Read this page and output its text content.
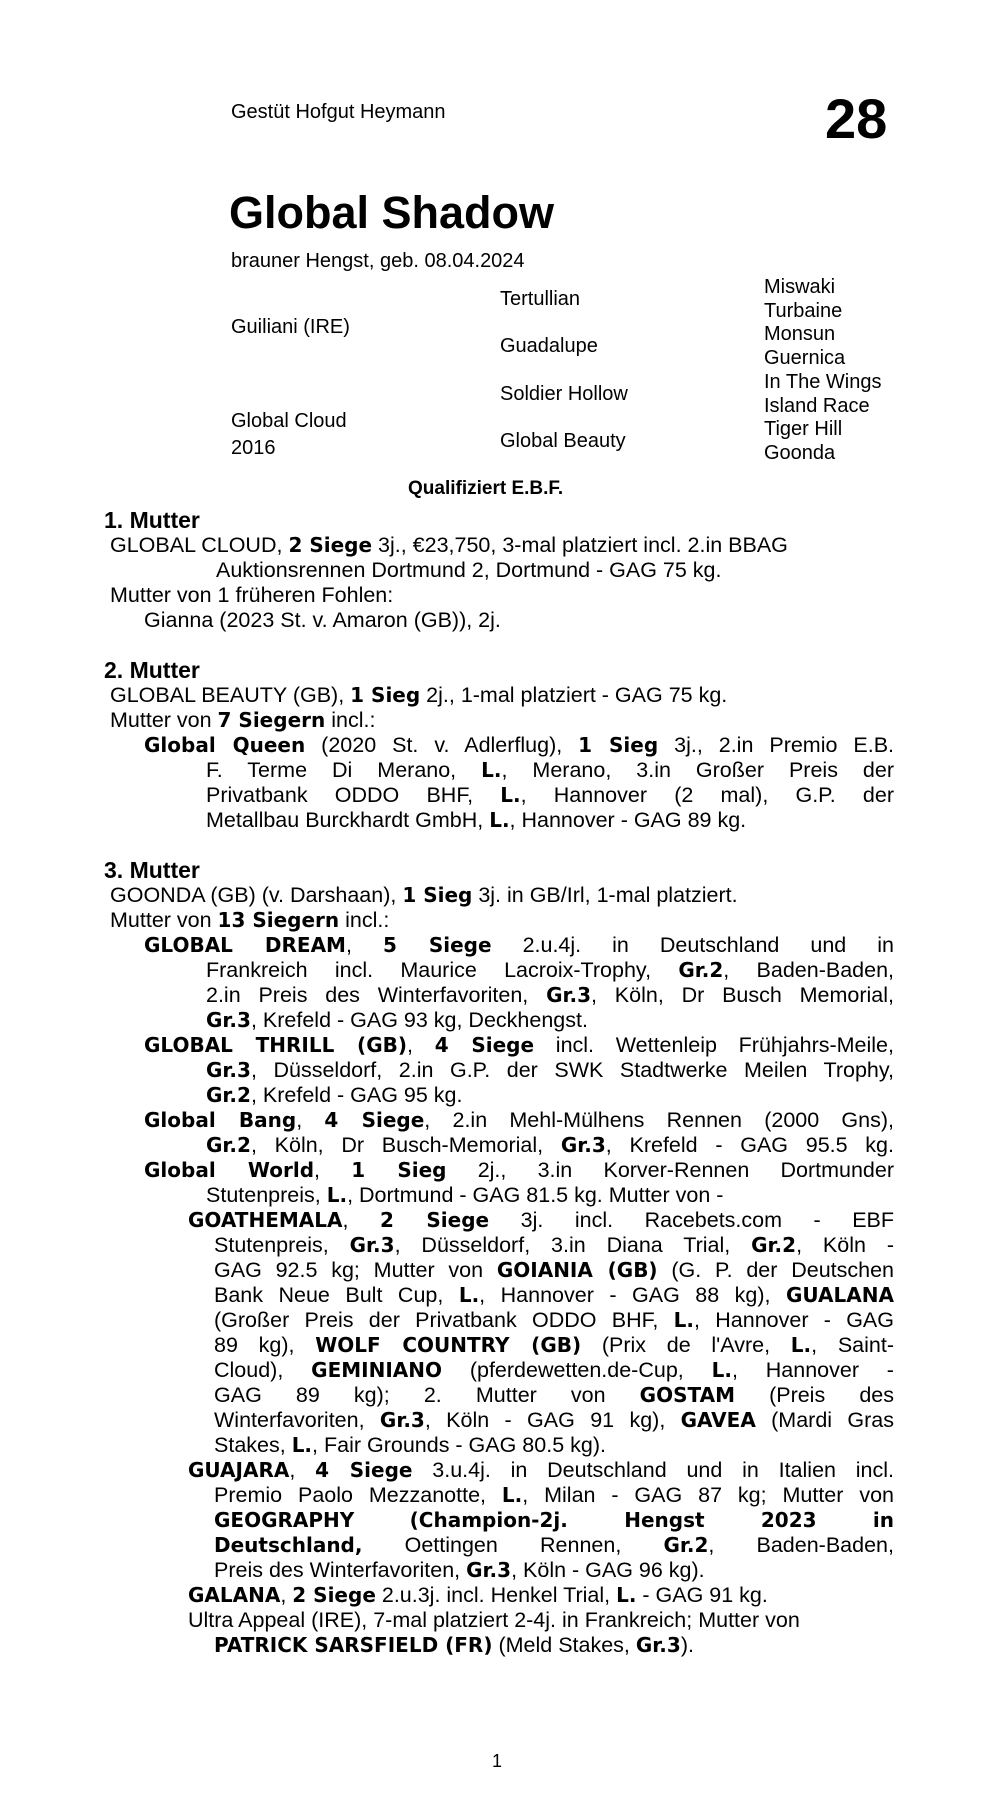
Gestüt Hofgut Heymann	28
Global Shadow
brauner Hengst, geb. 08.04.2024
Guiliani (IRE)
Global Cloud
2016
Tertullian
Guadalupe
Soldier Hollow
Global Beauty
Miswaki
Turbaine
Monsun
Guernica
In The Wings
Island Race
Tiger Hill
Goonda
Qualifiziert E.B.F.
1. Mutter
GLOBAL CLOUD, 2 Siege 3j., €23,750, 3-mal platziert incl. 2.in BBAG
Auktionsrennen Dortmund 2, Dortmund - GAG 75 kg.
Mutter von 1 früheren Fohlen:
Gianna (2023 St. v. Amaron (GB)), 2j.
2. Mutter
GLOBAL BEAUTY (GB), 1 Sieg 2j., 1-mal platziert - GAG 75 kg.
Mutter von 7 Siegern incl.:
Global Queen (2020 St. v. Adlerflug), 1 Sieg 3j., 2.in Premio E.B.
F. Terme Di Merano, L., Merano, 3.in Großer Preis der
Privatbank ODDO BHF, L., Hannover (2 mal), G.P. der
Metallbau Burckhardt GmbH, L., Hannover - GAG 89 kg.
3. Mutter
GOONDA (GB) (v. Darshaan), 1 Sieg 3j. in GB/Irl, 1-mal platziert.
Mutter von 13 Siegern incl.:
GLOBAL DREAM, 5 Siege 2.u.4j. in Deutschland und in
Frankreich incl. Maurice Lacroix-Trophy, Gr.2, Baden-Baden,
2.in Preis des Winterfavoriten, Gr.3, Köln, Dr Busch Memorial,
Gr.3, Krefeld - GAG 93 kg, Deckhengst.
GLOBAL THRILL (GB), 4 Siege incl. Wettenleip Frühjahrs-Meile,
Gr.3, Düsseldorf, 2.in G.P. der SWK Stadtwerke Meilen Trophy,
Gr.2, Krefeld - GAG 95 kg.
Global Bang, 4 Siege, 2.in Mehl-Mülhens Rennen (2000 Gns),
Gr.2, Köln, Dr Busch-Memorial, Gr.3, Krefeld - GAG 95.5 kg.
Global World, 1 Sieg 2j., 3.in Korver-Rennen Dortmunder
Stutenpreis, L., Dortmund - GAG 81.5 kg. Mutter von -
GOATHEMALA, 2 Siege 3j. incl. Racebets.com - EBF
Stutenpreis, Gr.3, Düsseldorf, 3.in Diana Trial, Gr.2, Köln -
GAG 92.5 kg; Mutter von GOIANIA (GB) (G. P. der Deutschen
Bank Neue Bult Cup, L., Hannover - GAG 88 kg), GUALANA
(Großer Preis der Privatbank ODDO BHF, L., Hannover - GAG
89 kg), WOLF COUNTRY (GB) (Prix de l'Avre, L., Saint-
Cloud), GEMINIANO (pferdewetten.de-Cup, L., Hannover -
GAG 89 kg); 2. Mutter von GOSTAM (Preis des
Winterfavoriten, Gr.3, Köln - GAG 91 kg), GAVEA (Mardi Gras
Stakes, L., Fair Grounds - GAG 80.5 kg).
GUAJARA, 4 Siege 3.u.4j. in Deutschland und in Italien incl.
Premio Paolo Mezzanotte, L., Milan - GAG 87 kg; Mutter von
GEOGRAPHY	(Champion-2j. Hengst 2023 in
Deutschland, Oettingen Rennen, Gr.2, Baden-Baden,
Preis des Winterfavoriten, Gr.3, Köln - GAG 96 kg).
GALANA, 2 Siege 2.u.3j. incl. Henkel Trial, L. - GAG 91 kg.
Ultra Appeal (IRE), 7-mal platziert 2-4j. in Frankreich; Mutter von
PATRICK SARSFIELD (FR) (Meld Stakes, Gr.3).
1
